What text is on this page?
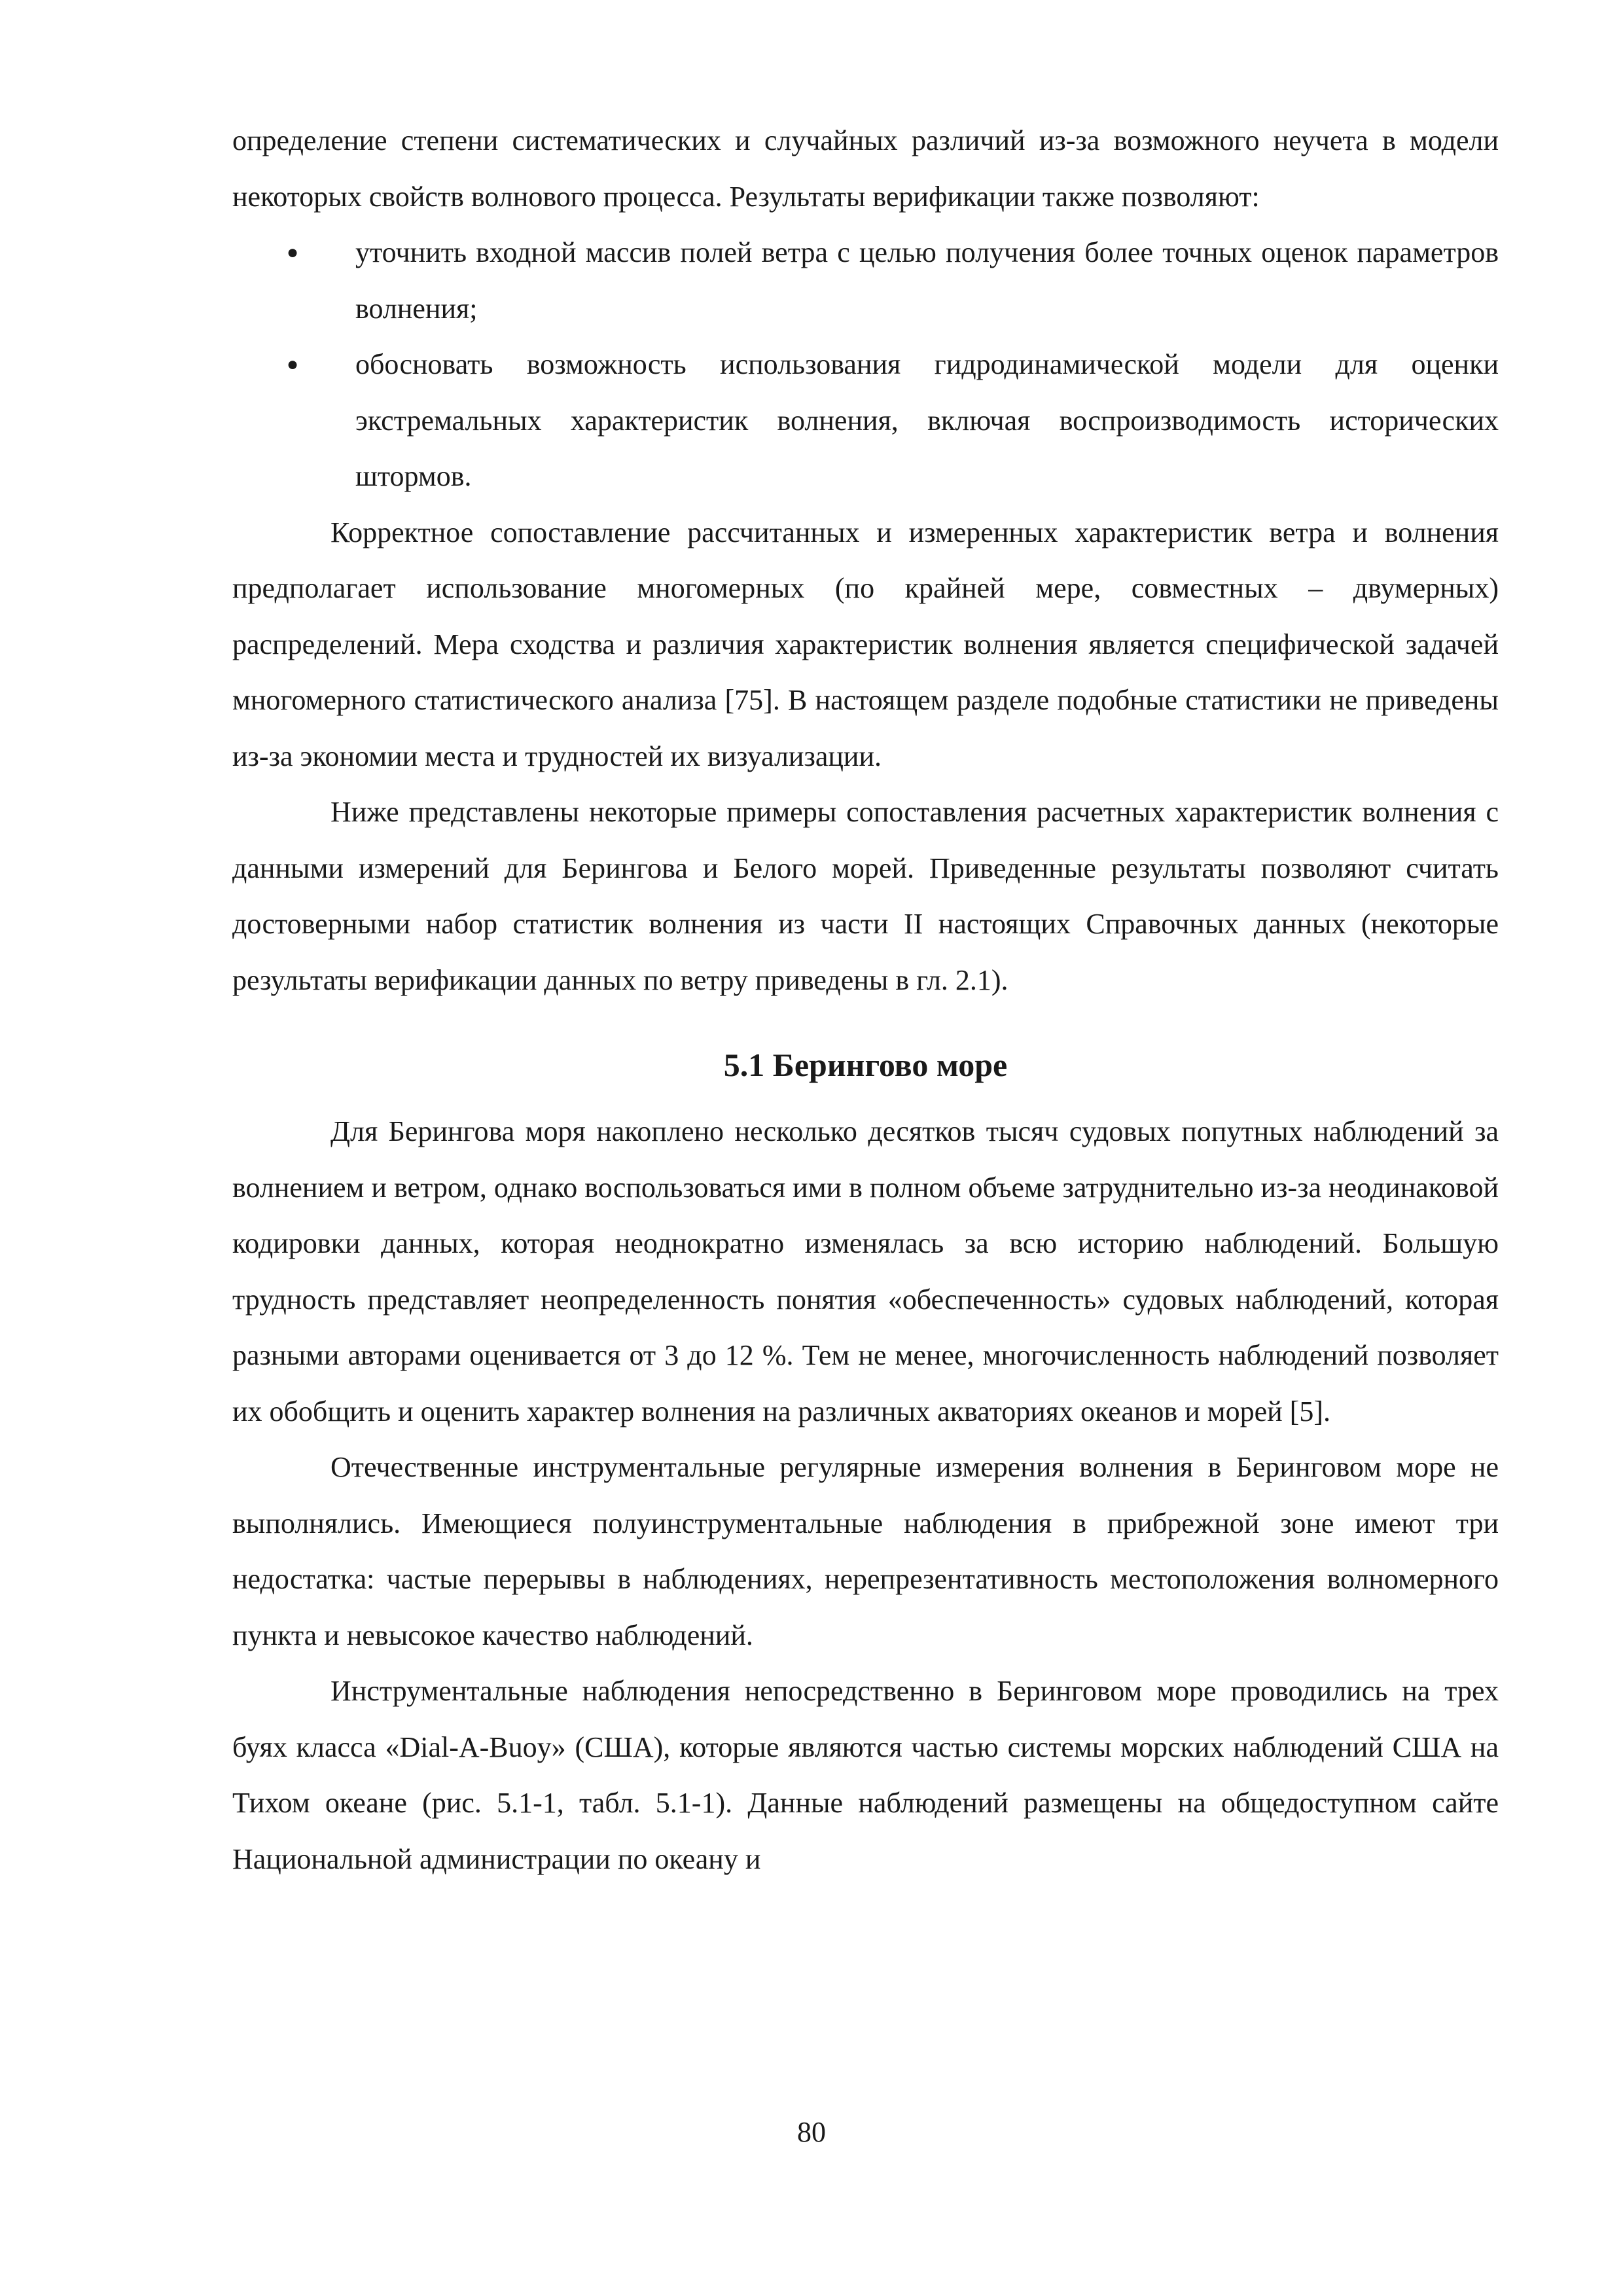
определение степени систематических и случайных различий из-за возможного неучета в модели некоторых свойств волнового процесса. Результаты верификации также позволяют:

● уточнить входной массив полей ветра с целью получения более точных оценок параметров волнения;
● обосновать возможность использования гидродинамической модели для оценки экстремальных характеристик волнения, включая воспроизводимость исторических штормов.

Корректное сопоставление рассчитанных и измеренных характеристик ветра и волнения предполагает использование многомерных (по крайней мере, совместных – двумерных) распределений. Мера сходства и различия характеристик волнения является специфической задачей многомерного статистического анализа [75]. В настоящем разделе подобные статистики не приведены из-за экономии места и трудностей их визуализации.

Ниже представлены некоторые примеры сопоставления расчетных характеристик волнения с данными измерений для Берингова и Белого морей. Приведенные результаты позволяют считать достоверными набор статистик волнения из части II настоящих Справочных данных (некоторые результаты верификации данных по ветру приведены в гл. 2.1).

5.1 Берингово море

Для Берингова моря накоплено несколько десятков тысяч судовых попутных наблюдений за волнением и ветром, однако воспользоваться ими в полном объеме затруднительно из-за неодинаковой кодировки данных, которая неоднократно изменялась за всю историю наблюдений. Большую трудность представляет неопределенность понятия «обеспеченность» судовых наблюдений, которая разными авторами оценивается от 3 до 12 %. Тем не менее, многочисленность наблюдений позволяет их обобщить и оценить характер волнения на различных акваториях океанов и морей [5].

Отечественные инструментальные регулярные измерения волнения в Беринговом море не выполнялись. Имеющиеся полуинструментальные наблюдения в прибрежной зоне имеют три недостатка: частые перерывы в наблюдениях, нерепрезентативность местоположения волномерного пункта и невысокое качество наблюдений.

Инструментальные наблюдения непосредственно в Беринговом море проводились на трех буях класса «Dial-A-Buoy» (США), которые являются частью системы морских наблюдений США на Тихом океане (рис. 5.1-1, табл. 5.1-1). Данные наблюдений размещены на общедоступном сайте Национальной администрации по океану и

80
